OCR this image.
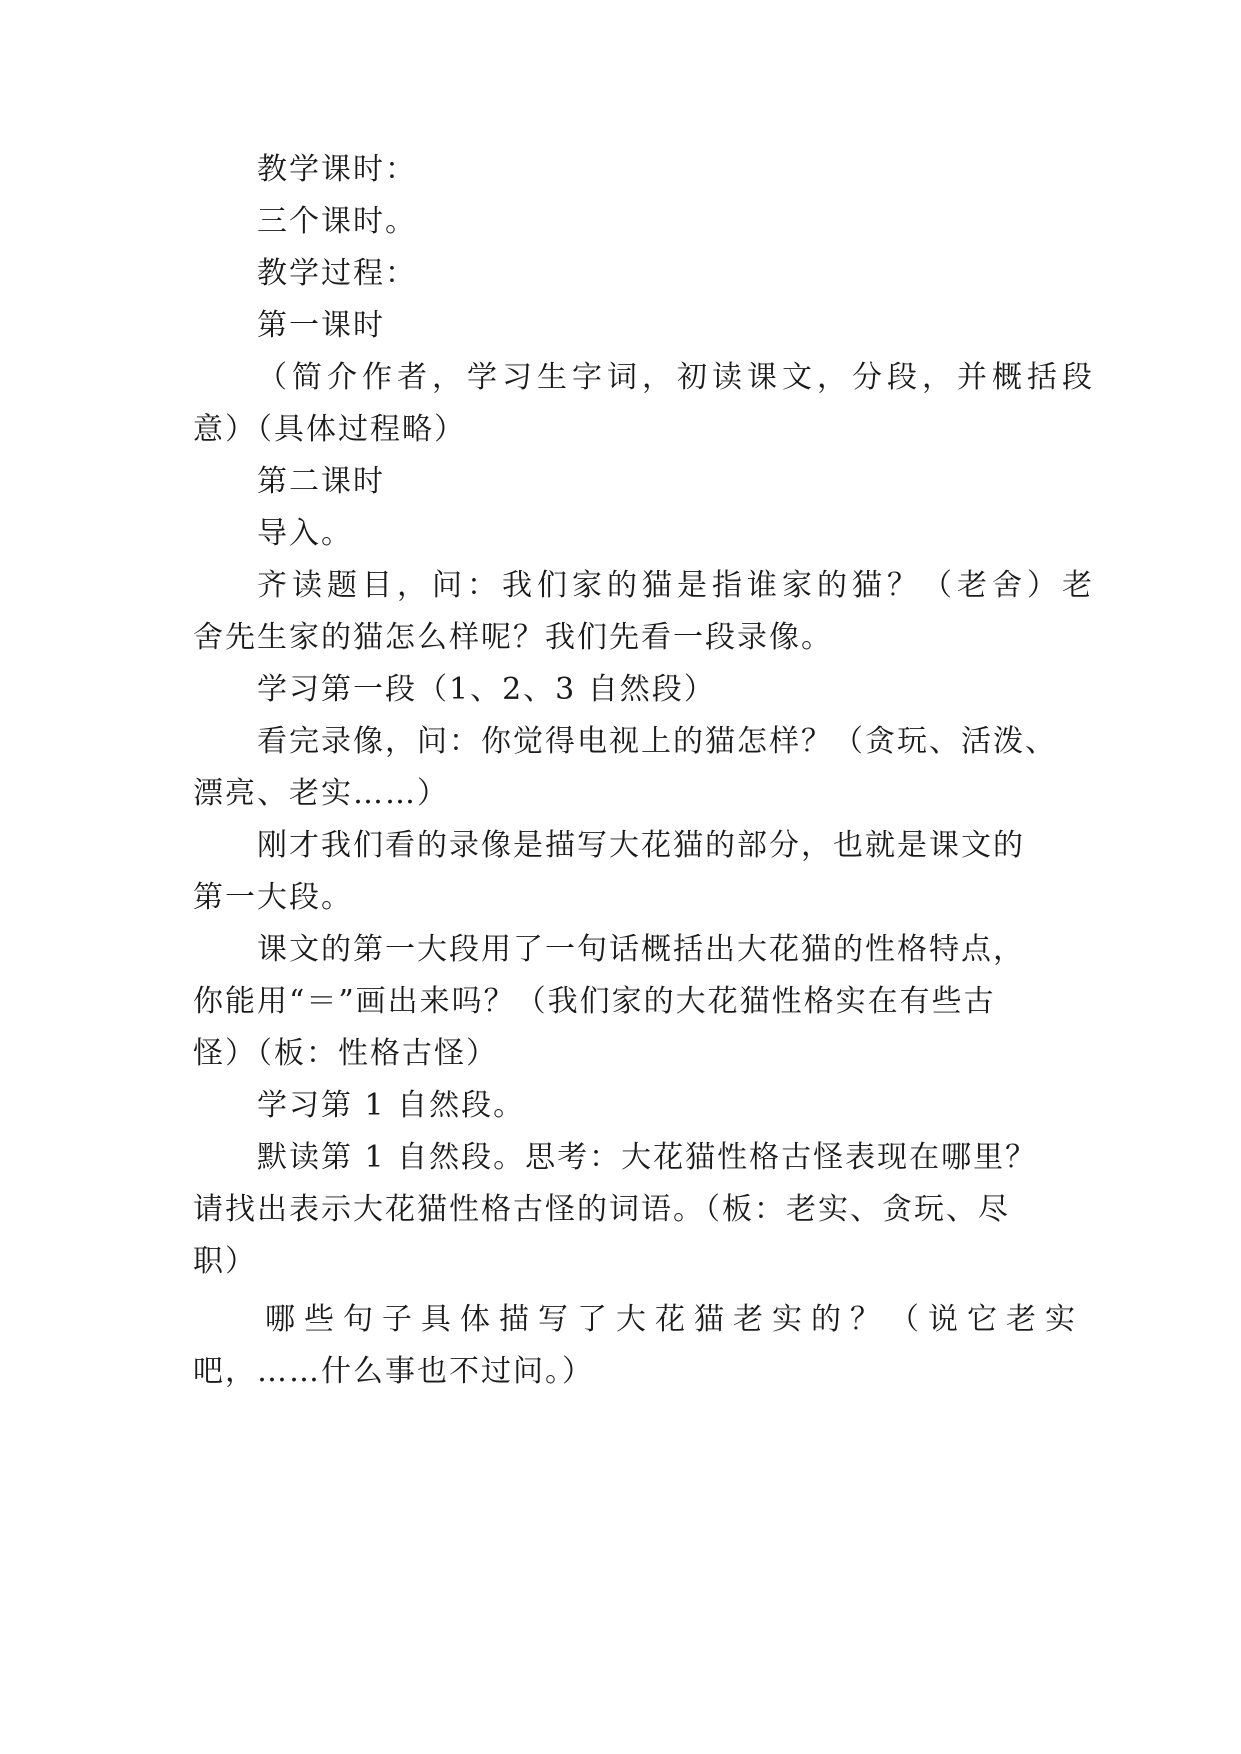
教学课时：
三个课时。
教学过程：
第一课时
（简介作者，学习生字词，初读课文，分段，并概括段
意）（具体过程略）
第二课时
导入。
齐读题目，问：我们家的猫是指谁家的猫？（老舍）老
舍先生家的猫怎么样呢？我们先看一段录像。
学习第一段（1、2、3 自然段）
看完录像，问：你觉得电视上的猫怎样？（贪玩、活泼、
漂亮、老实……）
刚才我们看的录像是描写大花猫的部分，也就是课文的
第一大段。
课文的第一大段用了一句话概括出大花猫的性格特点，
你能用“＝”画出来吗？（我们家的大花猫性格实在有些古
怪）（板：性格古怪）
学习第 1 自然段。
默读第 1 自然段。思考：大花猫性格古怪表现在哪里？
请找出表示大花猫性格古怪的词语。（板：老实、贪玩、尽
职）
哪些句子具体描写了大花猫老实的？（说它老实
吧，……什么事也不过问。）
